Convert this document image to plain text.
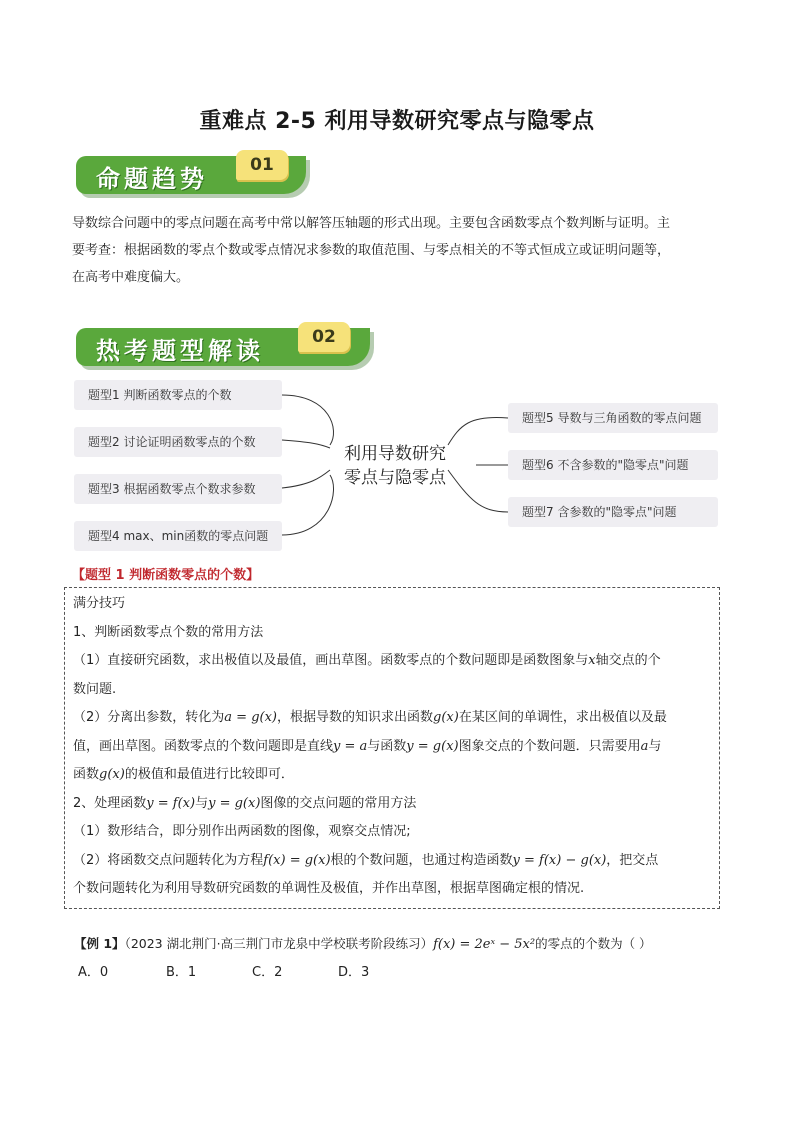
重难点 2-5 利用导数研究零点与隐零点
命题趋势	01
导数综合问题中的零点问题在高考中常以解答压轴题的形式出现。主要包含函数零点个数判断与证明。主
要考查：根据函数的零点个数或零点情况求参数的取值范围、与零点相关的不等式恒成立或证明问题等，
在高考中难度偏大。
热考题型解读	02
题型1 判断函数零点的个数
题型2 讨论证明函数零点的个数
题型3 根据函数零点个数求参数
题型4 max、min函数的零点问题
利用导数研究
零点与隐零点
题型5 导数与三角函数的零点问题
题型6 不含参数的"隐零点"问题
题型7 含参数的"隐零点"问题
【题型 1 判断函数零点的个数】
满分技巧
1、判断函数零点个数的常用方法
（1）直接研究函数，求出极值以及最值，画出草图。函数零点的个数问题即是函数图象与x轴交点的个
数问题.
（2）分离出参数，转化为a = g(x)，根据导数的知识求出函数g(x)在某区间的单调性，求出极值以及最
值，画出草图。函数零点的个数问题即是直线y = a与函数y = g(x)图象交点的个数问题．只需要用a与
函数g(x)的极值和最值进行比较即可．
2、处理函数y = f(x)与y = g(x)图像的交点问题的常用方法
（1）数形结合，即分别作出两函数的图像，观察交点情况;
（2）将函数交点问题转化为方程f(x) = g(x)根的个数问题，也通过构造函数y = f(x) − g(x)，把交点
个数问题转化为利用导数研究函数的单调性及极值，并作出草图，根据草图确定根的情况.
【例 1】（2023 湖北荆门·高三荆门市龙泉中学校联考阶段练习）f(x) = 2eˣ − 5x²的零点的个数为（ ）
A．0	B．1	C．2	D．3
